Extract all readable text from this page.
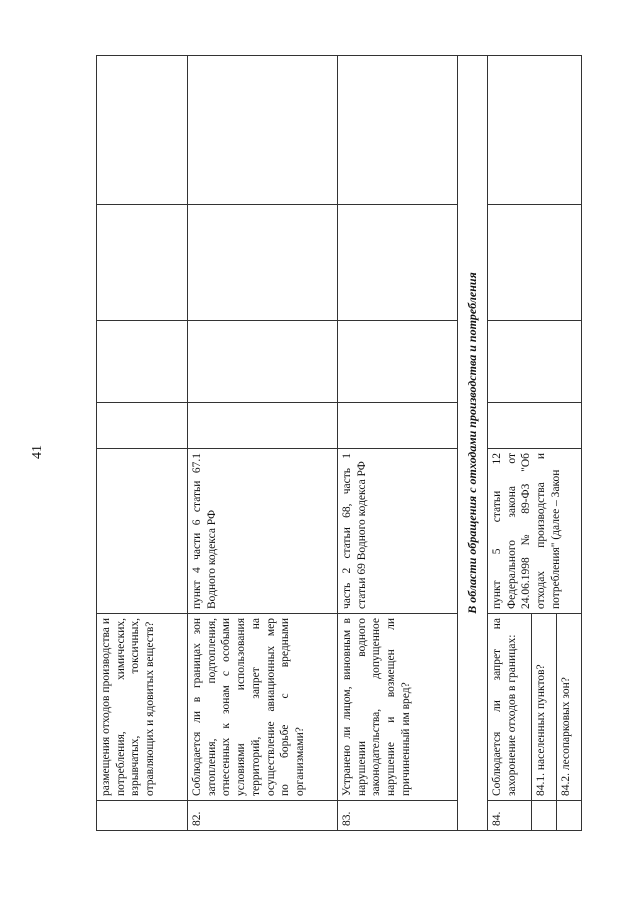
41
	размещения отходов производства и потребления, химических, взрывчатых, токсичных, отравляющих и ядовитых веществ?					
82.	Соблюдается ли в границах зон затопления, подтопления, отнесенных к зонам с особыми условиями использования территорий, запрет на осуществление авиационных мер по борьбе с вредными организмами?	пункт 4 части 6 статьи 67.1 Водного кодекса РФ				
83.	Устранено ли лицом, виновным в нарушении водного законодательства, допущенное нарушение и возмещен ли причиненный им вред?	часть 2 статьи 68, часть 1 статьи 69 Водного кодекса РФ				
В области обращения с отходами производства и потребления						
84.	Соблюдается ли запрет на захоронение отходов в границах:	пункт 5 статьи 12 Федерального закона от 24.06.1998 № 89-ФЗ "Об отходах производства и потребления" (далее – Закон				
	84.1. населенных пунктов?					
	84.2. лесопарковых зон?					
